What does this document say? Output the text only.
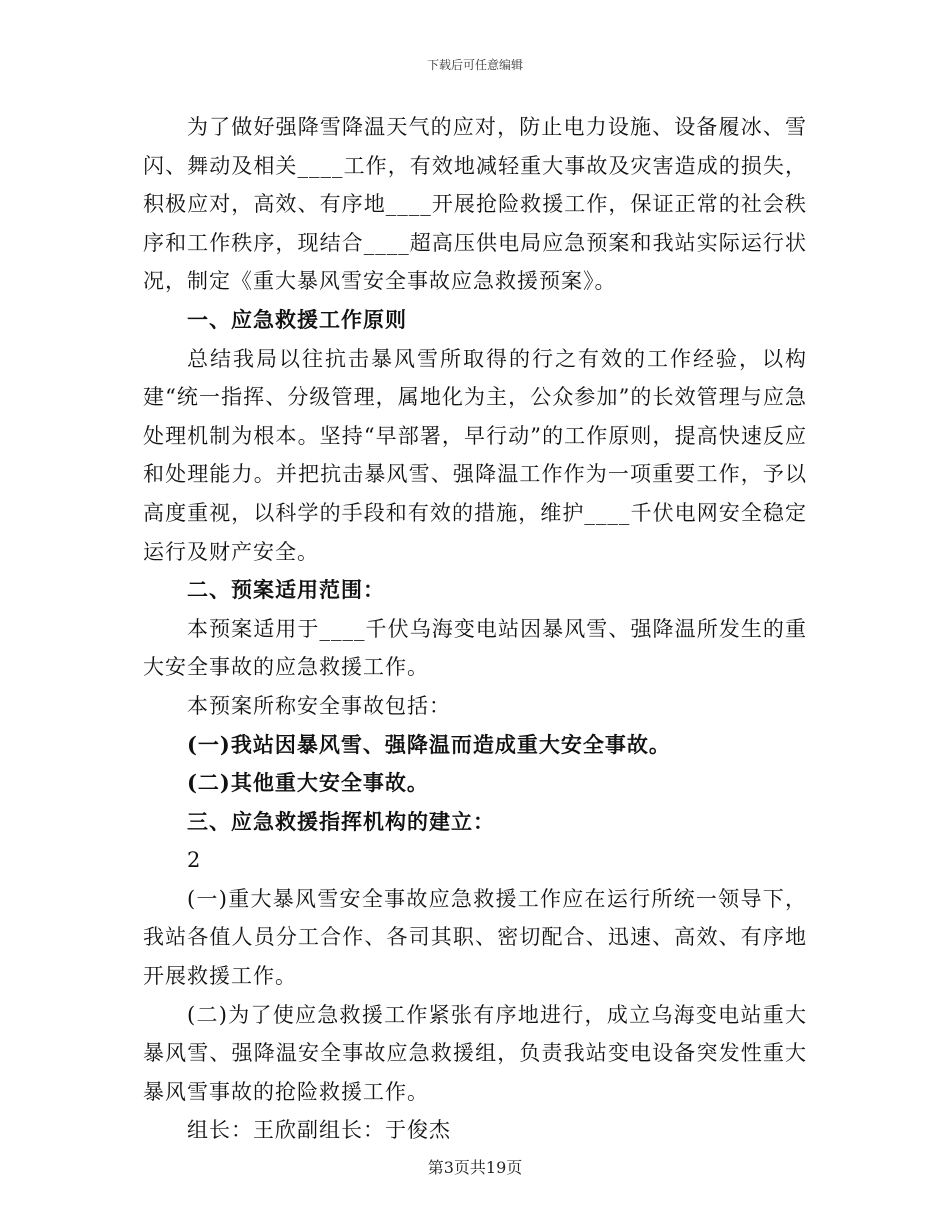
下载后可任意编辑

为了做好强降雪降温天气的应对，防止电力设施、设备履冰、雪闪、舞动及相关____工作，有效地减轻重大事故及灾害造成的损失，积极应对，高效、有序地____开展抢险救援工作，保证正常的社会秩序和工作秩序，现结合____超高压供电局应急预案和我站实际运行状况，制定《重大暴风雪安全事故应急救援预案》。

一、应急救援工作原则

总结我局以往抗击暴风雪所取得的行之有效的工作经验，以构建“统一指挥、分级管理，属地化为主，公众参加”的长效管理与应急处理机制为根本。坚持“早部署，早行动”的工作原则，提高快速反应和处理能力。并把抗击暴风雪、强降温工作作为一项重要工作，予以高度重视，以科学的手段和有效的措施，维护____千伏电网安全稳定运行及财产安全。

二、预案适用范围：

本预案适用于____千伏乌海变电站因暴风雪、强降温所发生的重大安全事故的应急救援工作。

本预案所称安全事故包括：

(一)我站因暴风雪、强降温而造成重大安全事故。

(二)其他重大安全事故。

三、应急救援指挥机构的建立：

2

(一)重大暴风雪安全事故应急救援工作应在运行所统一领导下，我站各值人员分工合作、各司其职、密切配合、迅速、高效、有序地开展救援工作。

(二)为了使应急救援工作紧张有序地进行，成立乌海变电站重大暴风雪、强降温安全事故应急救援组，负责我站变电设备突发性重大暴风雪事故的抢险救援工作。

组长：王欣副组长：于俊杰

第3页共19页
